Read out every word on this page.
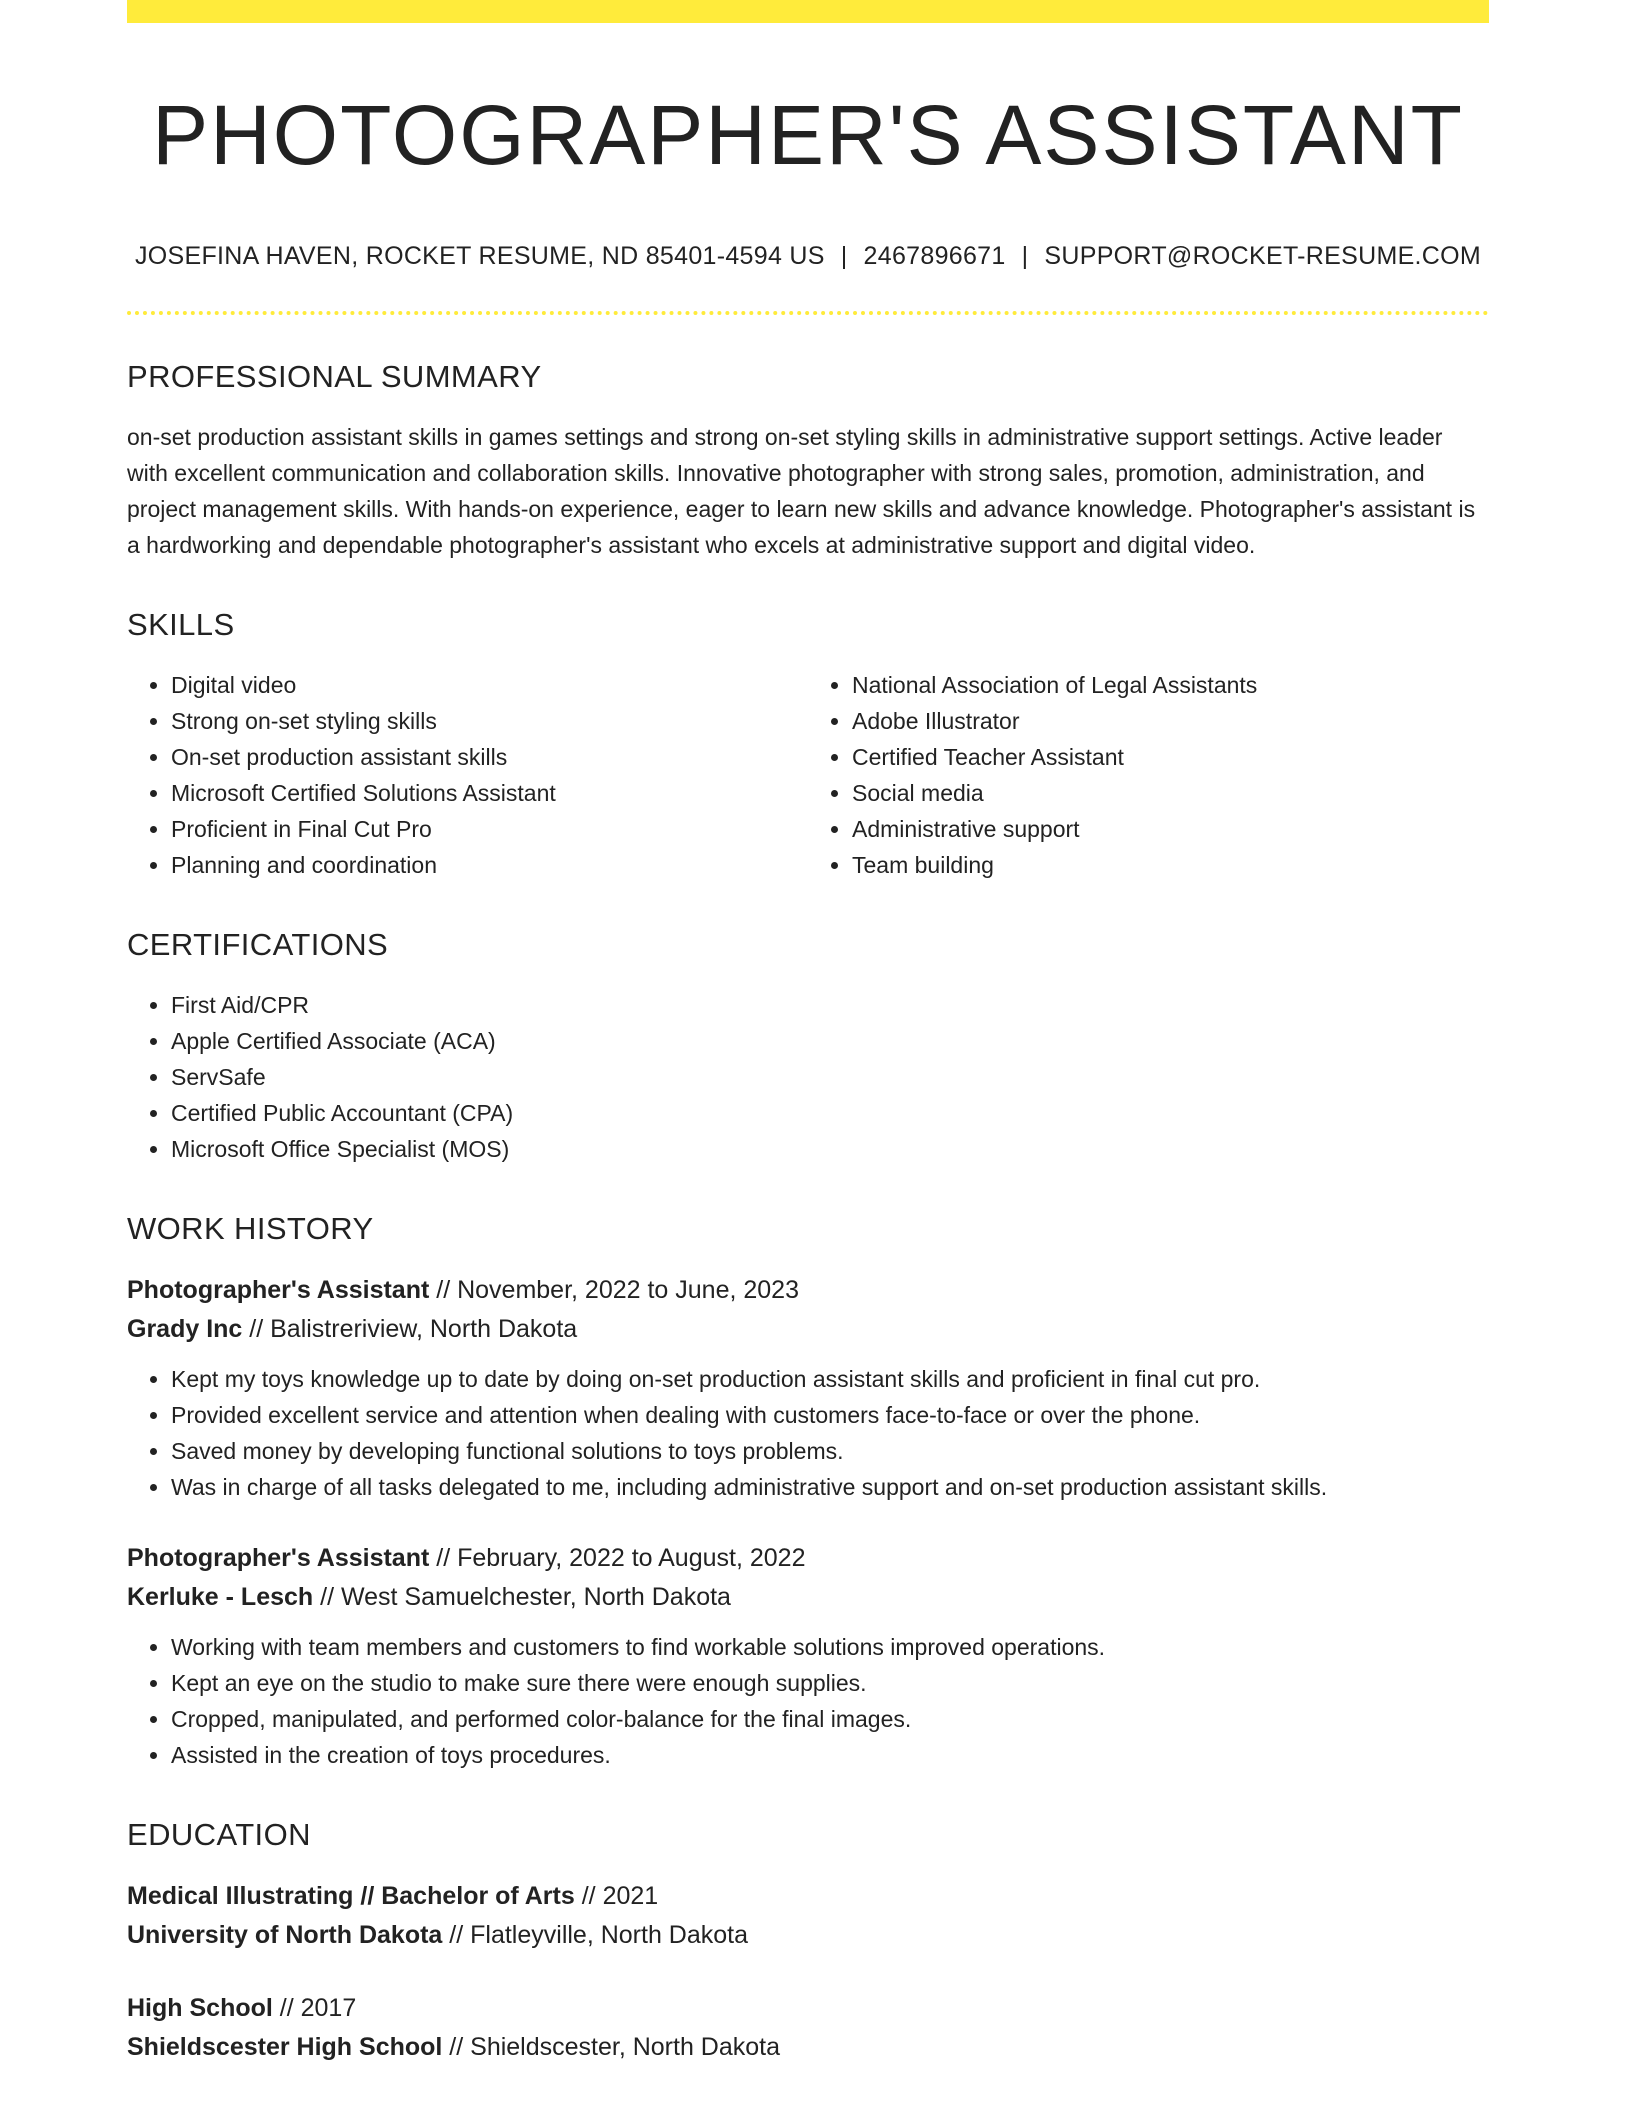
PHOTOGRAPHER'S ASSISTANT
JOSEFINA HAVEN, ROCKET RESUME, ND 85401-4594 US | 2467896671 | SUPPORT@ROCKET-RESUME.COM
PROFESSIONAL SUMMARY
on-set production assistant skills in games settings and strong on-set styling skills in administrative support settings. Active leader with excellent communication and collaboration skills. Innovative photographer with strong sales, promotion, administration, and project management skills. With hands-on experience, eager to learn new skills and advance knowledge. Photographer's assistant is a hardworking and dependable photographer's assistant who excels at administrative support and digital video.
SKILLS
• Digital video
• Strong on-set styling skills
• On-set production assistant skills
• Microsoft Certified Solutions Assistant
• Proficient in Final Cut Pro
• Planning and coordination
• National Association of Legal Assistants
• Adobe Illustrator
• Certified Teacher Assistant
• Social media
• Administrative support
• Team building
CERTIFICATIONS
• First Aid/CPR
• Apple Certified Associate (ACA)
• ServSafe
• Certified Public Accountant (CPA)
• Microsoft Office Specialist (MOS)
WORK HISTORY
Photographer's Assistant // November, 2022 to June, 2023
Grady Inc // Balistreriview, North Dakota
• Kept my toys knowledge up to date by doing on-set production assistant skills and proficient in final cut pro.
• Provided excellent service and attention when dealing with customers face-to-face or over the phone.
• Saved money by developing functional solutions to toys problems.
• Was in charge of all tasks delegated to me, including administrative support and on-set production assistant skills.
Photographer's Assistant // February, 2022 to August, 2022
Kerluke - Lesch // West Samuelchester, North Dakota
• Working with team members and customers to find workable solutions improved operations.
• Kept an eye on the studio to make sure there were enough supplies.
• Cropped, manipulated, and performed color-balance for the final images.
• Assisted in the creation of toys procedures.
EDUCATION
Medical Illustrating // Bachelor of Arts // 2021
University of North Dakota // Flatleyville, North Dakota
High School // 2017
Shieldscester High School // Shieldscester, North Dakota
